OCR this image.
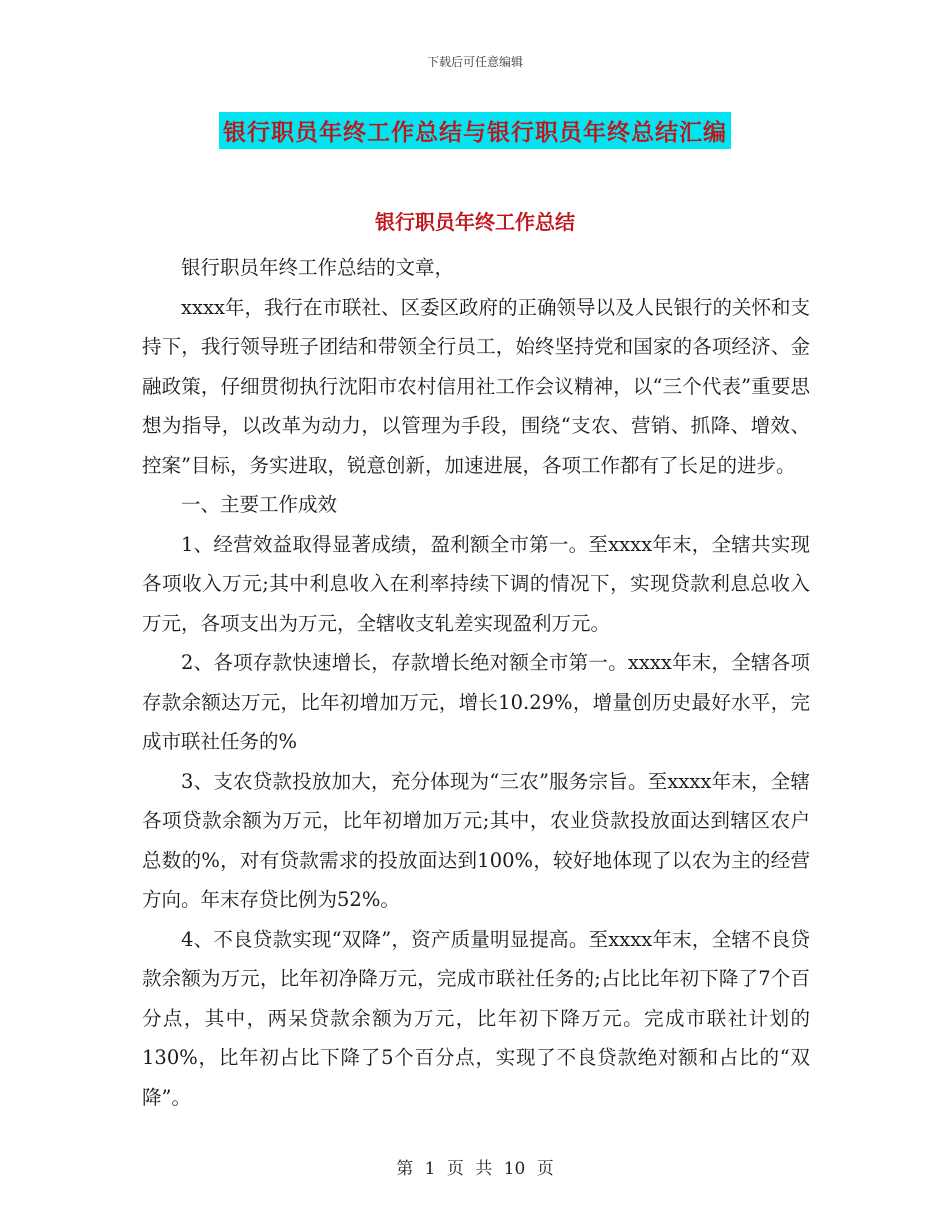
下载后可任意编辑
银行职员年终工作总结与银行职员年终总结汇编
银行职员年终工作总结

银行职员年终工作总结的文章，

xxxx年，我行在市联社、区委区政府的正确领导以及人民银行的关怀和支持下，我行领导班子团结和带领全行员工，始终坚持党和国家的各项经济、金融政策，仔细贯彻执行沈阳市农村信用社工作会议精神，以“三个代表”重要思想为指导，以改革为动力，以管理为手段，围绕“支农、营销、抓降、增效、控案”目标，务实进取，锐意创新，加速进展，各项工作都有了长足的进步。

一、主要工作成效

1、经营效益取得显著成绩，盈利额全市第一。至xxxx年末，全辖共实现各项收入万元;其中利息收入在利率持续下调的情况下，实现贷款利息总收入万元，各项支出为万元，全辖收支轧差实现盈利万元。

2、各项存款快速增长，存款增长绝对额全市第一。xxxx年末，全辖各项存款余额达万元，比年初增加万元，增长10.29%，增量创历史最好水平，完成市联社任务的%

3、支农贷款投放加大，充分体现为“三农”服务宗旨。至xxxx年末，全辖各项贷款余额为万元，比年初增加万元;其中，农业贷款投放面达到辖区农户总数的%，对有贷款需求的投放面达到100%，较好地体现了以农为主的经营方向。年末存贷比例为52%。

4、不良贷款实现“双降”，资产质量明显提高。至xxxx年末，全辖不良贷款余额为万元，比年初净降万元，完成市联社任务的;占比比年初下降了7个百分点，其中，两呆贷款余额为万元，比年初下降万元。完成市联社计划的130%，比年初占比下降了5个百分点，实现了不良贷款绝对额和占比的“双降”。

第 1 页 共 10 页
